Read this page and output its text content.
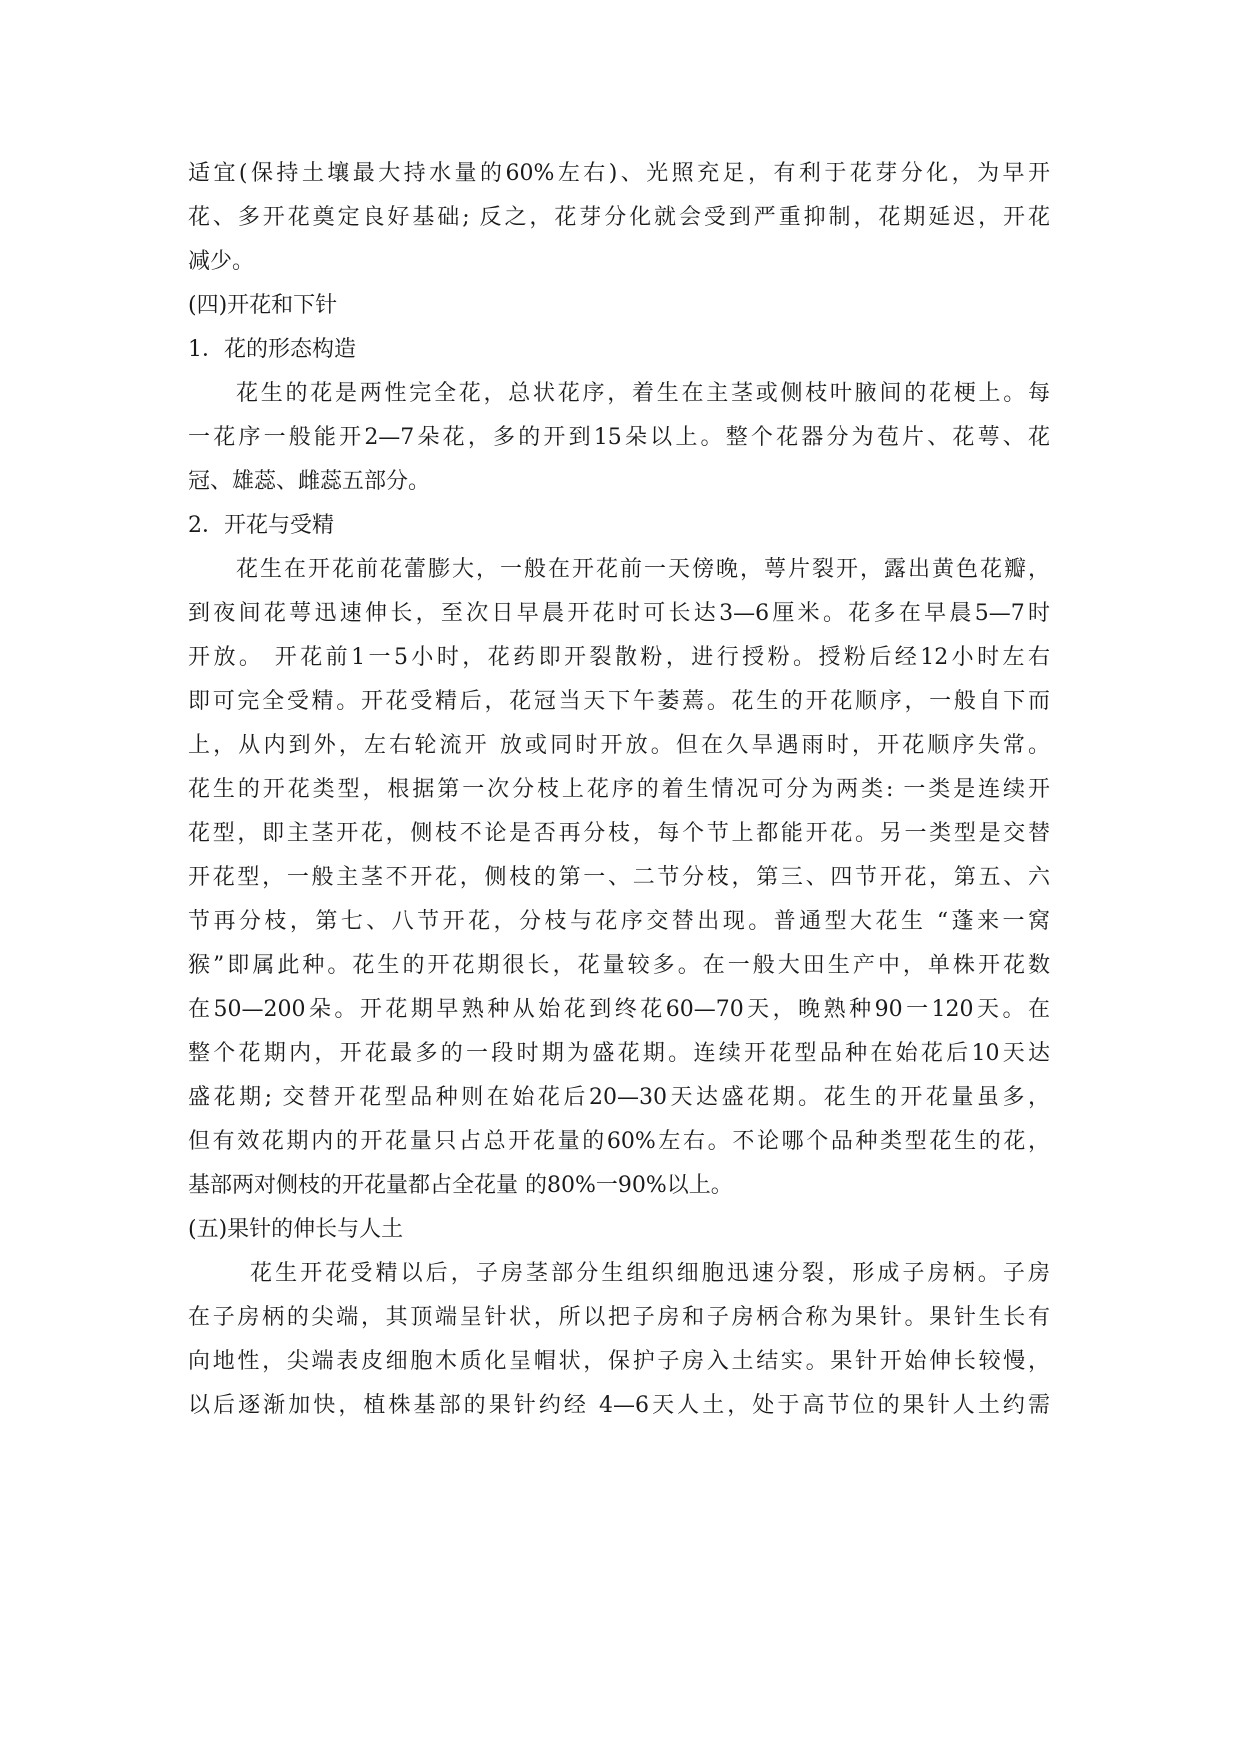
适宜(保持土壤最大持水量的60%左右)、光照充足，有利于花芽分化，为早开
花、多开花奠定良好基础; 反之，花芽分化就会受到严重抑制，花期延迟，开花
减少。
(四)开花和下针
1．花的形态构造
花生的花是两性完全花，总状花序，着生在主茎或侧枝叶腋间的花梗上。每
一花序一般能开2—7朵花，多的开到15朵以上。整个花器分为苞片、花萼、花
冠、雄蕊、雌蕊五部分。
2．开花与受精
花生在开花前花蕾膨大，一般在开花前一天傍晚，萼片裂开，露出黄色花瓣，
到夜间花萼迅速伸长，至次日早晨开花时可长达3—6厘米。花多在早晨5—7时
开放。 开花前1一5小时，花药即开裂散粉，进行授粉。授粉后经12小时左右
即可完全受精。开花受精后，花冠当天下午萎蔫。花生的开花顺序，一般自下而
上，从内到外，左右轮流开 放或同时开放。但在久旱遇雨时，开花顺序失常。
花生的开花类型，根据第一次分枝上花序的着生情况可分为两类: 一类是连续开
花型，即主茎开花，侧枝不论是否再分枝，每个节上都能开花。另一类型是交替
开花型，一般主茎不开花，侧枝的第一、二节分枝，第三、四节开花，第五、六
节再分枝，第七、八节开花，分枝与花序交替出现。普通型大花生 “蓬来一窝
猴”即属此种。花生的开花期很长，花量较多。在一般大田生产中，单株开花数
在50—200朵。开花期早熟种从始花到终花60—70天，晚熟种90一120天。在
整个花期内，开花最多的一段时期为盛花期。连续开花型品种在始花后10天达
盛花期; 交替开花型品种则在始花后20—30天达盛花期。花生的开花量虽多，
但有效花期内的开花量只占总开花量的60%左右。不论哪个品种类型花生的花，
基部两对侧枝的开花量都占全花量 的80%一90%以上。
(五)果针的伸长与人土
花生开花受精以后，子房茎部分生组织细胞迅速分裂，形成子房柄。子房
在子房柄的尖端，其顶端呈针状，所以把子房和子房柄合称为果针。果针生长有
向地性，尖端表皮细胞木质化呈帽状，保护子房入土结实。果针开始伸长较慢，
以后逐渐加快，植株基部的果针约经 4—6天人土，处于高节位的果针人土约需
